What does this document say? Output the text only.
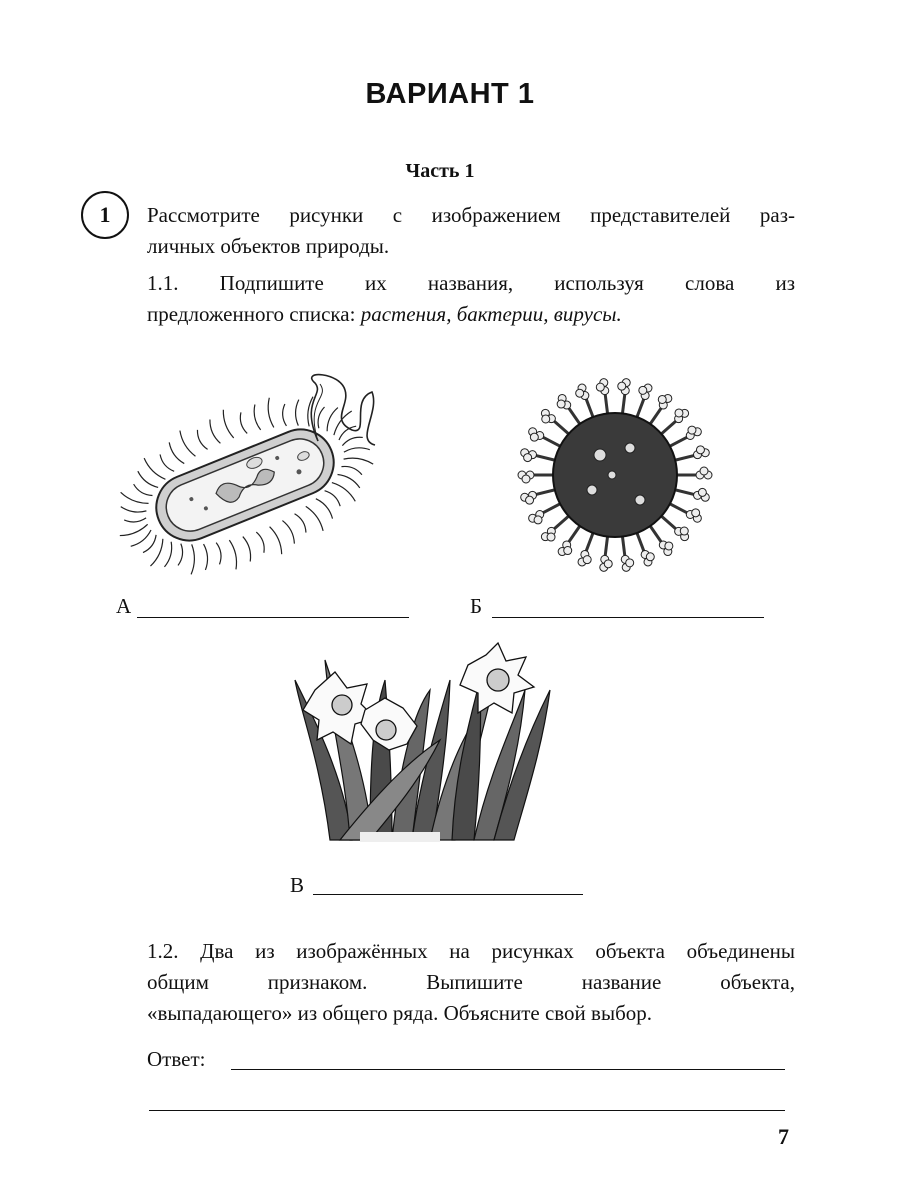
ВАРИАНТ 1
Часть 1
1	Рассмотрите рисунки с изображением представителей раз-
личных объектов природы.
1.1. Подпишите их названия, используя слова из
предложенного списка: растения, бактерии, вирусы.
А	Б
В
1.2. Два из изображённых на рисунках объекта объединены
общим признаком. Выпишите название объекта,
«выпадающего» из общего ряда. Объясните свой выбор.
Ответ:
7
